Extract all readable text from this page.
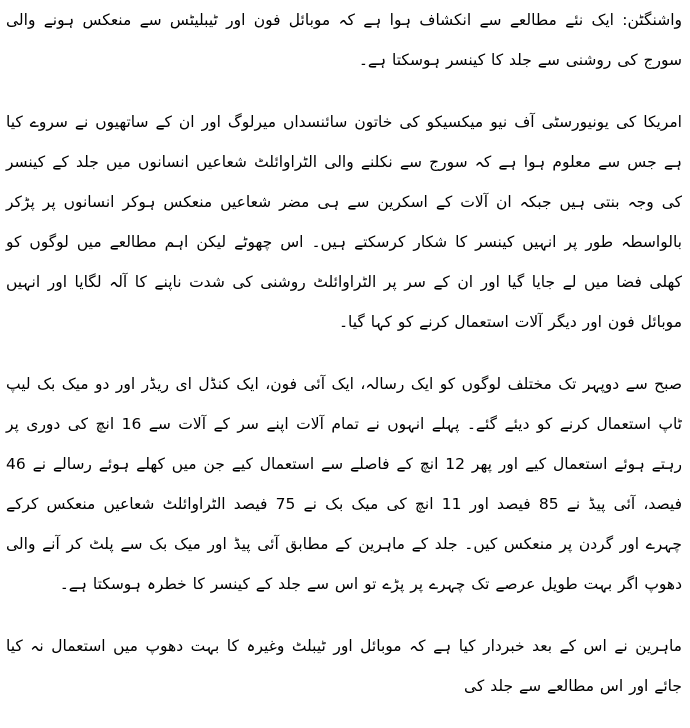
واشنگٹن: ایک نئے مطالعے سے انکشاف ہوا ہے کہ موبائل فون اور ٹیبلیٹس سے منعکس ہونے والی سورج کی روشنی سے جلد کا کینسر ہوسکتا ہے۔

امریکا کی یونیورسٹی آف نیو میکسیکو کی خاتون سائنسداں میرلوگ اور ان کے ساتھیوں نے سروے کیا ہے جس سے معلوم ہوا ہے کہ سورج سے نکلنے والی الٹراوائلٹ شعاعیں انسانوں میں جلد کے کینسر کی وجہ بنتی ہیں جبکہ ان آلات کے اسکرین سے ہی مضر شعاعیں منعکس ہوکر انسانوں پر پڑکر بالواسطہ طور پر انہیں کینسر کا شکار کرسکتے ہیں۔ اس چھوٹے لیکن اہم مطالعے میں لوگوں کو کھلی فضا میں لے جایا گیا اور ان کے سر پر الٹراوائلٹ روشنی کی شدت ناپنے کا آلہ لگایا اور انہیں موبائل فون اور دیگر آلات استعمال کرنے کو کہا گیا۔

صبح سے دوپہر تک مختلف لوگوں کو ایک رسالہ، ایک آئی فون، ایک کنڈل ای ریڈر اور دو میک بک لیپ ٹاپ استعمال کرنے کو دیئے گئے۔ پہلے انہوں نے تمام آلات اپنے سر کے آلات سے 16 انچ کی دوری پر رہتے ہوئے استعمال کیے اور پھر 12 انچ کے فاصلے سے استعمال کیے جن میں کھلے ہوئے رسالے نے 46 فیصد، آئی پیڈ نے 85 فیصد اور 11 انچ کی میک بک نے 75 فیصد الٹراوائلٹ شعاعیں منعکس کرکے چہرے اور گردن پر منعکس کیں۔ جلد کے ماہرین کے مطابق آئی پیڈ اور میک بک سے پلٹ کر آنے والی دھوپ اگر بہت طویل عرصے تک چہرے پر پڑے تو اس سے جلد کے کینسر کا خطرہ ہوسکتا ہے۔

ماہرین نے اس کے بعد خبردار کیا ہے کہ موبائل اور ٹیبلٹ وغیرہ کا بہت دھوپ میں استعمال نہ کیا جائے اور اس مطالعے سے جلد کی
